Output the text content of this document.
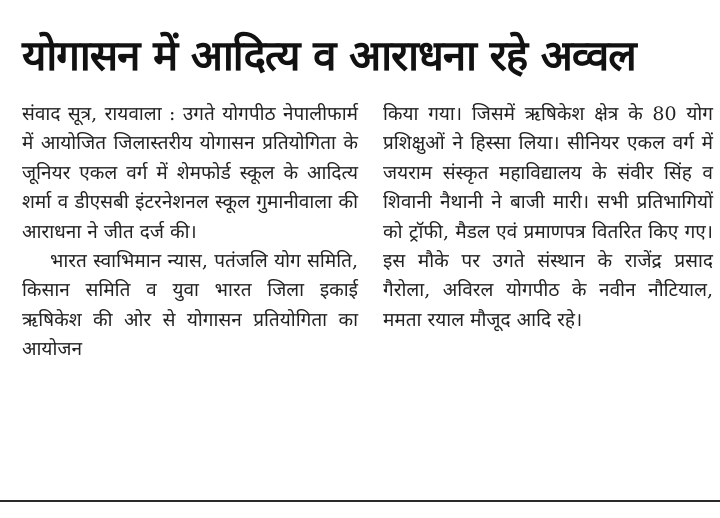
योगासन में आदित्य व आराधना रहे अव्वल

संवाद सूत्र, रायवाला : उगते योगपीठ नेपालीफार्म में आयोजित जिलास्तरीय योगासन प्रतियोगिता के जूनियर एकल वर्ग में शेमफोर्ड स्कूल के आदित्य शर्मा व डीएसबी इंटरनेशनल स्कूल गुमानीवाला की आराधना ने जीत दर्ज की।

भारत स्वाभिमान न्यास, पतंजलि योग समिति, किसान समिति व युवा भारत जिला इकाई ऋषिकेश की ओर से योगासन प्रतियोगिता का आयोजन

किया गया। जिसमें ऋषिकेश क्षेत्र के 80 योग प्रशिक्षुओं ने हिस्सा लिया। सीनियर एकल वर्ग में जयराम संस्कृत महाविद्यालय के संवीर सिंह व शिवानी नैथानी ने बाजी मारी। सभी प्रतिभागियों को ट्रॉफी, मैडल एवं प्रमाणपत्र वितरित किए गए। इस मौके पर उगते संस्थान के राजेंद्र प्रसाद गैरोला, अविरल योगपीठ के नवीन नौटियाल, ममता रयाल मौजूद आदि रहे।
